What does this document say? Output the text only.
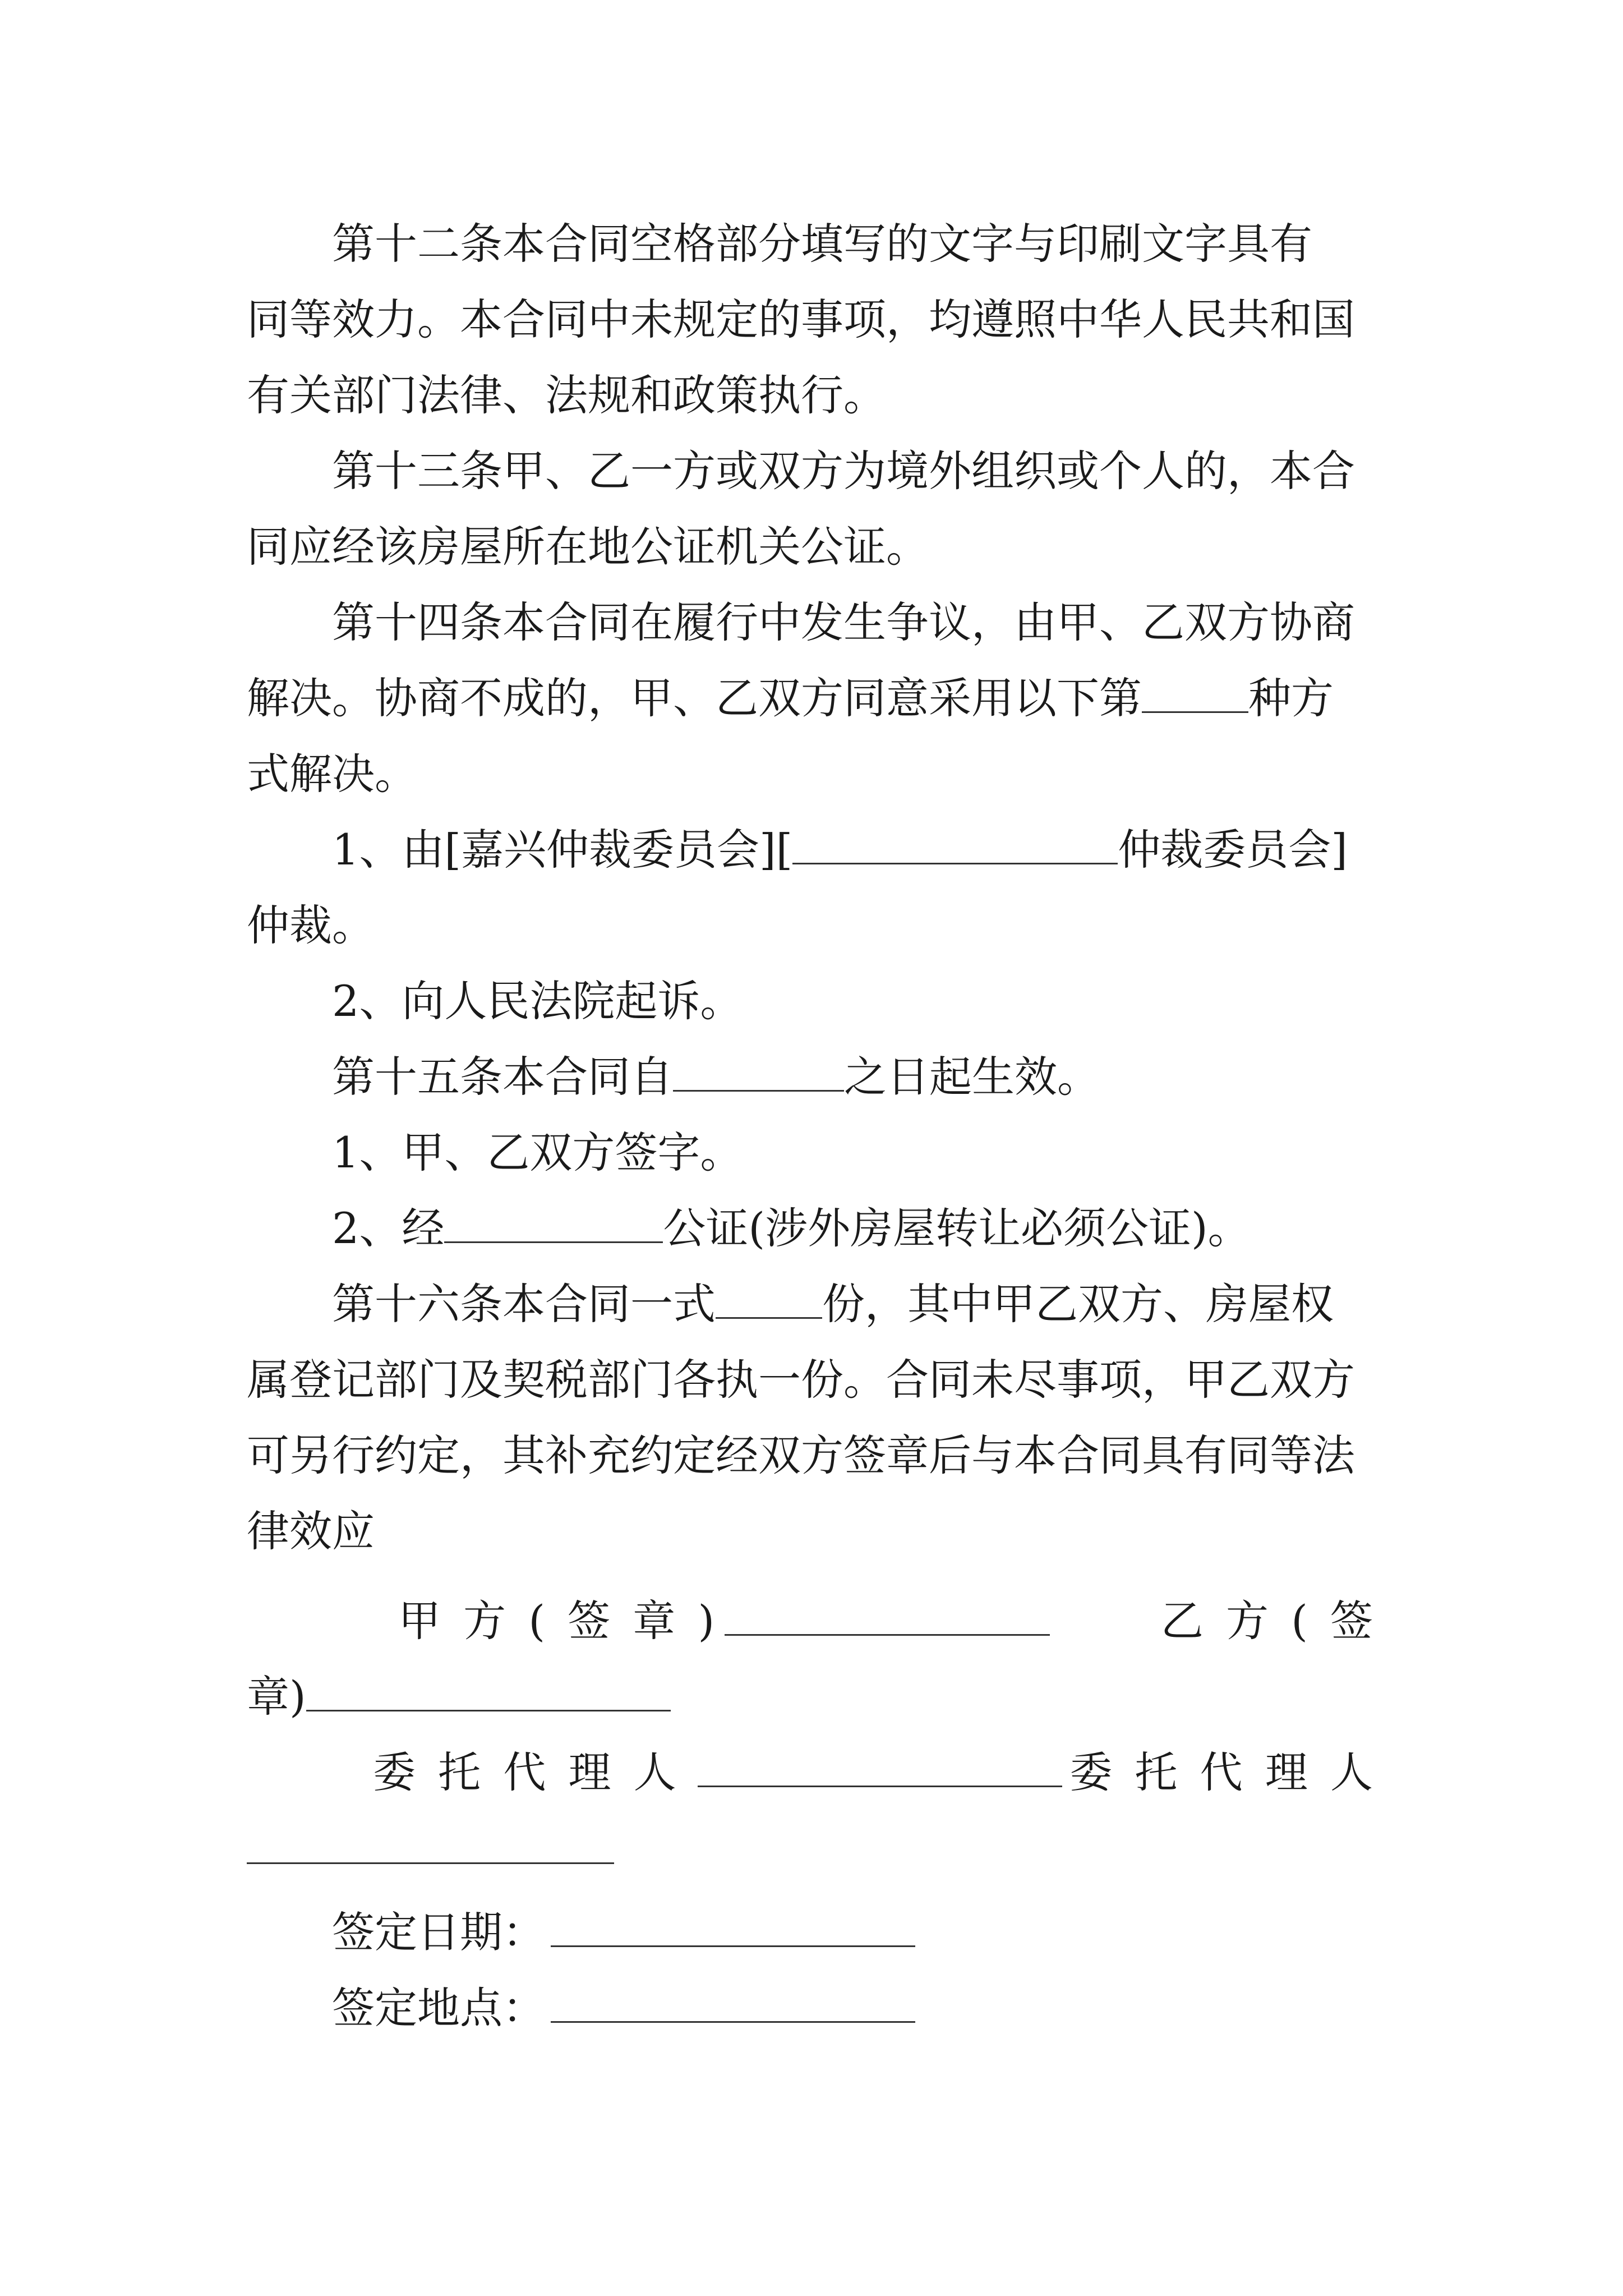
第十二条本合同空格部分填写的文字与印刷文字具有
同等效力。本合同中未规定的事项，均遵照中华人民共和国
有关部门法律、法规和政策执行。
第十三条甲、乙一方或双方为境外组织或个人的，本合
同应经该房屋所在地公证机关公证。
第十四条本合同在履行中发生争议，由甲、乙双方协商
解决。协商不成的，甲、乙双方同意采用以下第	种方
式解决。
1、由[嘉兴仲裁委员会][	仲裁委员会]
仲裁。
2、向人民法院起诉。
第十五条本合同自	之日起生效。
1、甲、乙双方签字。
2、经	公证(涉外房屋转让必须公证)。
第十六条本合同一式	份，其中甲乙双方、房屋权
属登记部门及契税部门各执一份。合同未尽事项，甲乙双方
可另行约定，其补充约定经双方签章后与本合同具有同等法
律效应
甲 方 ( 签 章 )	乙 方 ( 签
章)
委 托 代 理 人	委 托 代 理 人
签定日期：
签定地点：
